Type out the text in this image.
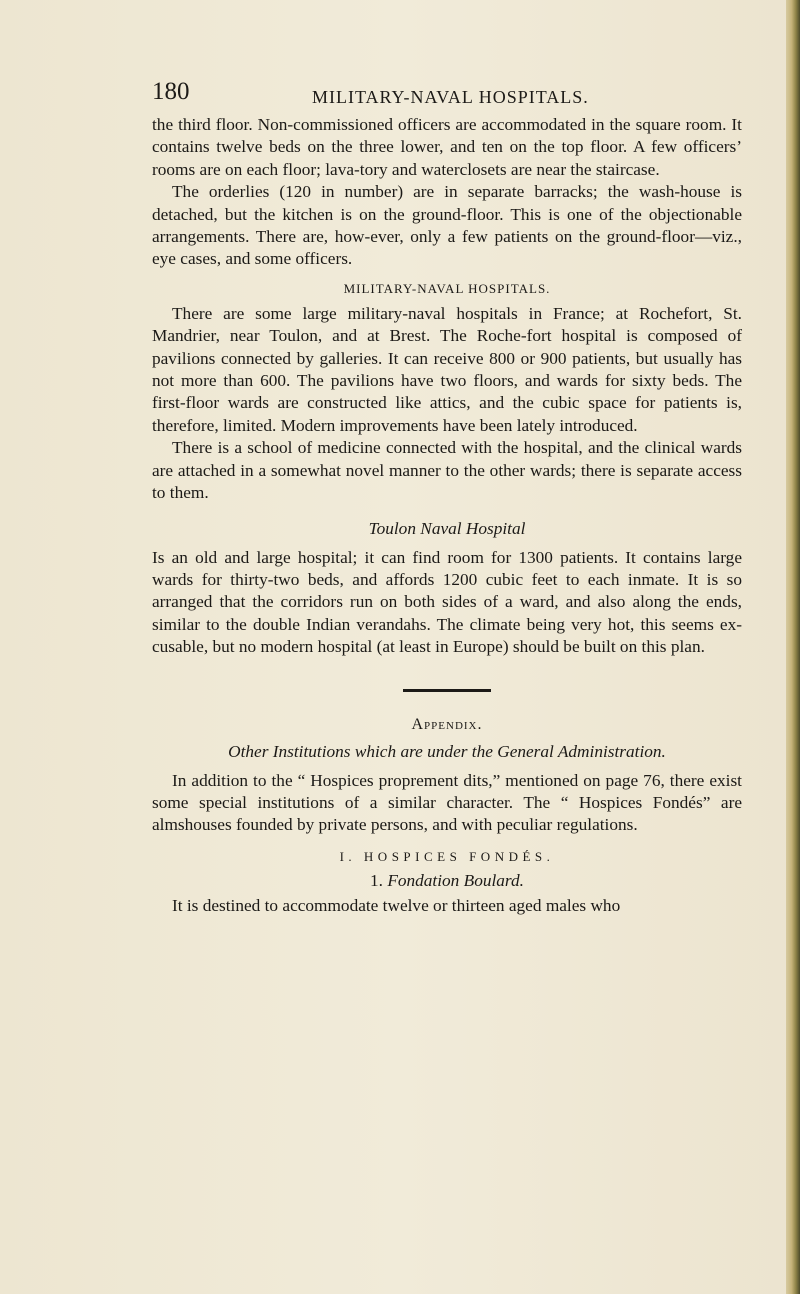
180	MILITARY-NAVAL HOSPITALS.

the third floor. Non-commissioned officers are accommodated in the square room. It contains twelve beds on the three lower, and ten on the top floor. A few officers’ rooms are on each floor; lava-tory and waterclosets are near the staircase.

The orderlies (120 in number) are in separate barracks; the wash-house is detached, but the kitchen is on the ground-floor. This is one of the objectionable arrangements. There are, how-ever, only a few patients on the ground-floor—viz., eye cases, and some officers.

MILITARY-NAVAL HOSPITALS.

There are some large military-naval hospitals in France; at Rochefort, St. Mandrier, near Toulon, and at Brest. The Roche-fort hospital is composed of pavilions connected by galleries. It can receive 800 or 900 patients, but usually has not more than 600. The pavilions have two floors, and wards for sixty beds. The first-floor wards are constructed like attics, and the cubic space for patients is, therefore, limited. Modern improvements have been lately introduced.

There is a school of medicine connected with the hospital, and the clinical wards are attached in a somewhat novel manner to the other wards; there is separate access to them.

Toulon Naval Hospital

Is an old and large hospital; it can find room for 1300 patients. It contains large wards for thirty-two beds, and affords 1200 cubic feet to each inmate. It is so arranged that the corridors run on both sides of a ward, and also along the ends, similar to the double Indian verandahs. The climate being very hot, this seems ex-cusable, but no modern hospital (at least in Europe) should be built on this plan.

Appendix.
Other Institutions which are under the General Administration.

In addition to the “ Hospices proprement dits,” mentioned on page 76, there exist some special institutions of a similar character. The “ Hospices Fondés” are almshouses founded by private persons, and with peculiar regulations.

I. HOSPICES FONDÉS.
1. Fondation Boulard.

It is destined to accommodate twelve or thirteen aged males who
